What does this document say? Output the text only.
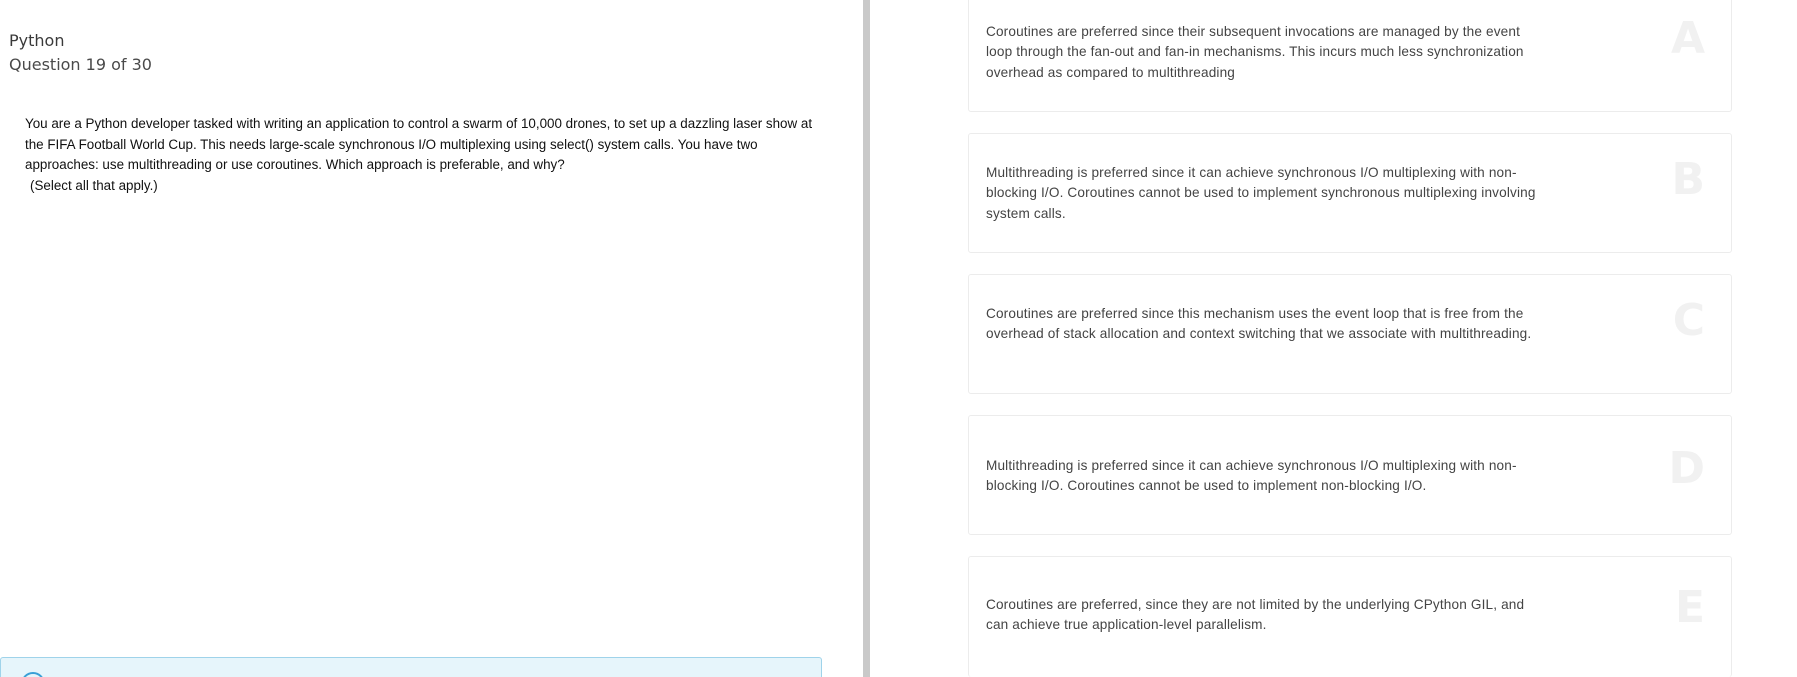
Python
Question 19 of 30

You are a Python developer tasked with writing an application to control a swarm of 10,000 drones, to set up a dazzling laser show at the FIFA Football World Cup. This needs large-scale synchronous I/O multiplexing using select() system calls. You have two approaches: use multithreading or use coroutines. Which approach is preferable, and why?

(Select all that apply.)

Coroutines are preferred since their subsequent invocations are managed by the event loop through the fan-out and fan-in mechanisms. This incurs much less synchronization overhead as compared to multithreading
A
Multithreading is preferred since it can achieve synchronous I/O multiplexing with non-blocking I/O. Coroutines cannot be used to implement synchronous multiplexing involving system calls.
B
Coroutines are preferred since this mechanism uses the event loop that is free from the overhead of stack allocation and context switching that we associate with multithreading.	C
Multithreading is preferred since it can achieve synchronous I/O multiplexing with non-blocking I/O. Coroutines cannot be used to implement non-blocking I/O.	D
Coroutines are preferred, since they are not limited by the underlying CPython GIL, and can achieve true application-level parallelism.	E
